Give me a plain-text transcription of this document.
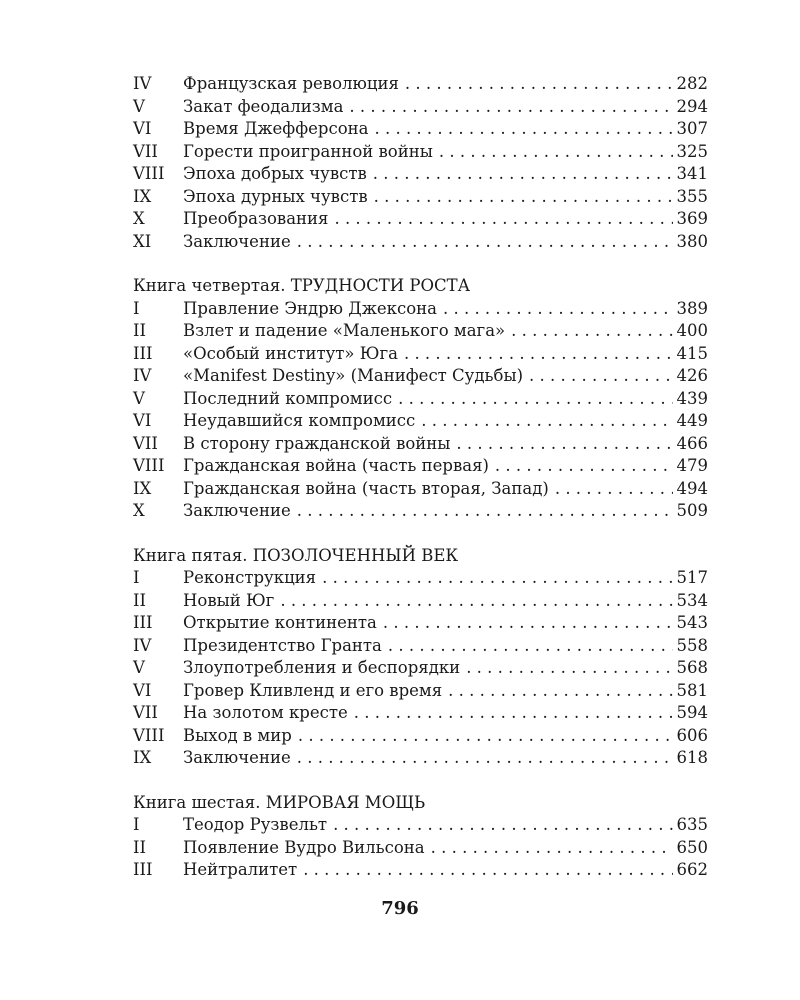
IV	Французская революция . . .	282
V	Закат феодализма . . .	294
VI	Время Джефферсона . . .	307
VII	Горести проигранной войны . . .	325
VIII	Эпоха добрых чувств . . .	341
IX	Эпоха дурных чувств . . .	355
X	Преобразования . . .	369
XI	Заключение . . .	380
Книга четвертая. ТРУДНОСТИ РОСТА
I	Правление Эндрю Джексона . . .	389
II	Взлет и падение «Маленького мага» . . .	400
III	«Особый институт» Юга . . .	415
IV	«Manifest Destiny» (Манифест Судьбы) . . .	426
V	Последний компромисс . . .	439
VI	Неудавшийся компромисс . . .	449
VII	В сторону гражданской войны . . .	466
VIII	Гражданская война (часть первая) . . .	479
IX	Гражданская война (часть вторая, Запад) . . .	494
X	Заключение . . .	509
Книга пятая. ПОЗОЛОЧЕННЫЙ ВЕК
I	Реконструкция . . .	517
II	Новый Юг . . .	534
III	Открытие континента . . .	543
IV	Президентство Гранта . . .	558
V	Злоупотребления и беспорядки . . .	568
VI	Гровер Кливленд и его время . . .	581
VII	На золотом кресте . . .	594
VIII	Выход в мир . . .	606
IX	Заключение . . .	618
Книга шестая. МИРОВАЯ МОЩЬ
I	Теодор Рузвельт . . .	635
II	Появление Вудро Вильсона . . .	650
III	Нейтралитет . . .	662
796
